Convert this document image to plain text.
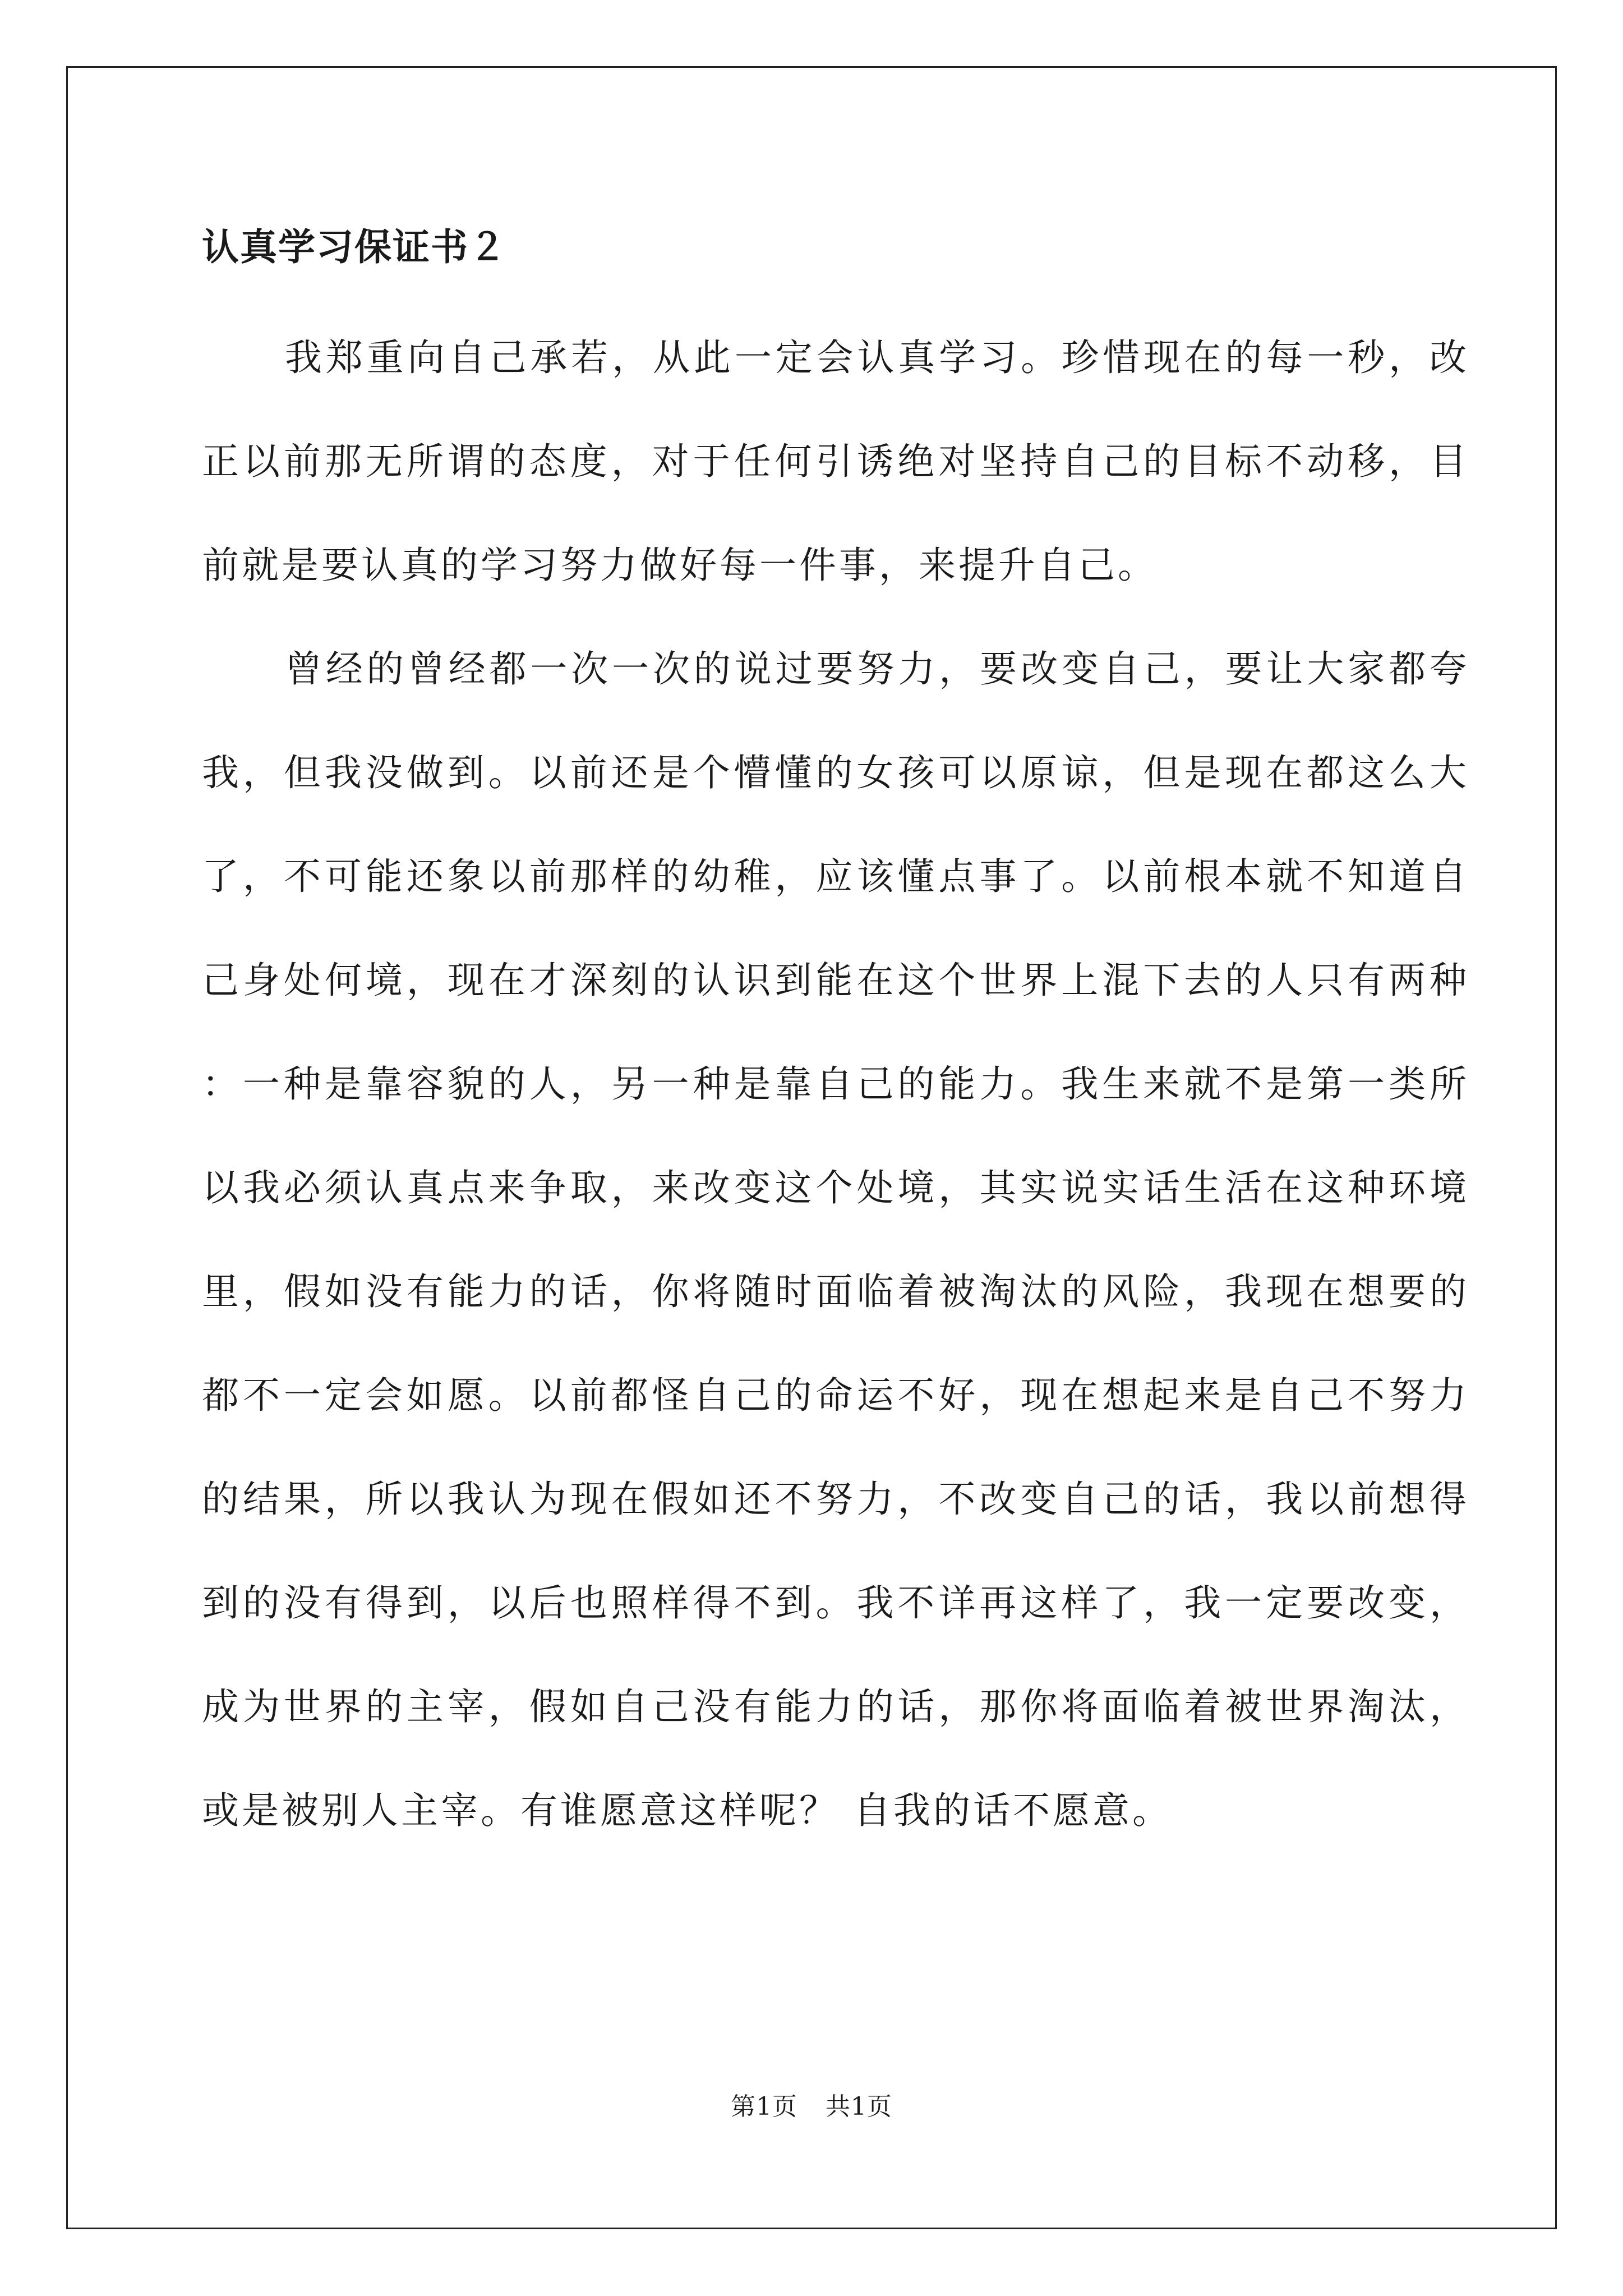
认真学习保证书２

我郑重向自己承若，从此一定会认真学习。珍惜现在的每一秒，改正以前那无所谓的态度，对于任何引诱绝对坚持自己的目标不动移，目前就是要认真的学习努力做好每一件事，来提升自己。

曾经的曾经都一次一次的说过要努力，要改变自己，要让大家都夸我，但我没做到。以前还是个懵懂的女孩可以原谅，但是现在都这么大了，不可能还象以前那样的幼稚，应该懂点事了。以前根本就不知道自己身处何境，现在才深刻的认识到能在这个世界上混下去的人只有两种 ：一种是靠容貌的人，另一种是靠自己的能力。我生来就不是第一类所以我必须认真点来争取，来改变这个处境，其实说实话生活在这种环境里，假如没有能力的话，你将随时面临着被淘汰的风险，我现在想要的都不一定会如愿。以前都怪自己的命运不好，现在想起来是自己不努力的结果，所以我认为现在假如还不努力，不改变自己的话，我以前想得到的没有得到，以后也照样得不到。我不详再这样了，我一定要改变，成为世界的主宰，假如自己没有能力的话，那你将面临着被世界淘汰，或是被别人主宰。有谁愿意这样呢？ 自我的话不愿意。

第1页 共1页
